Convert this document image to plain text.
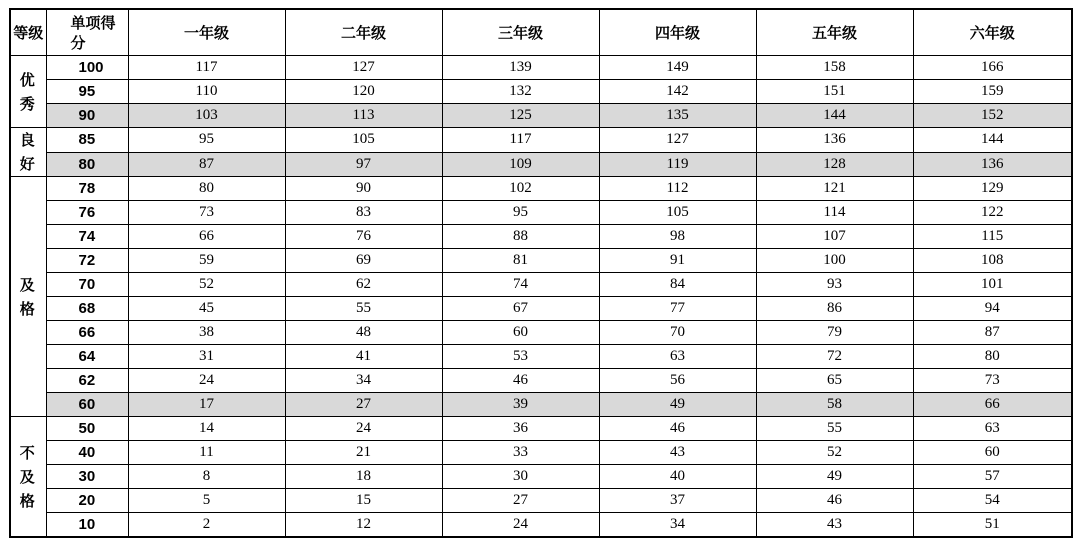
等级	单项得分	一年级	二年级	三年级	四年级	五年级	六年级

优秀	100	117	127	139	149	158	166
	95	110	120	132	142	151	159
	90	103	113	125	135	144	152

良好	85	95	105	117	127	136	144
	80	87	97	109	119	128	136

及格	78	80	90	102	112	121	129
	76	73	83	95	105	114	122
	74	66	76	88	98	107	115
	72	59	69	81	91	100	108
	70	52	62	74	84	93	101
	68	45	55	67	77	86	94
	66	38	48	60	70	79	87
	64	31	41	53	63	72	80
	62	24	34	46	56	65	73
	60	17	27	39	49	58	66

不及格	50	14	24	36	46	55	63
	40	11	21	33	43	52	60
	30	8	18	30	40	49	57
	20	5	15	27	37	46	54
	10	2	12	24	34	43	51
